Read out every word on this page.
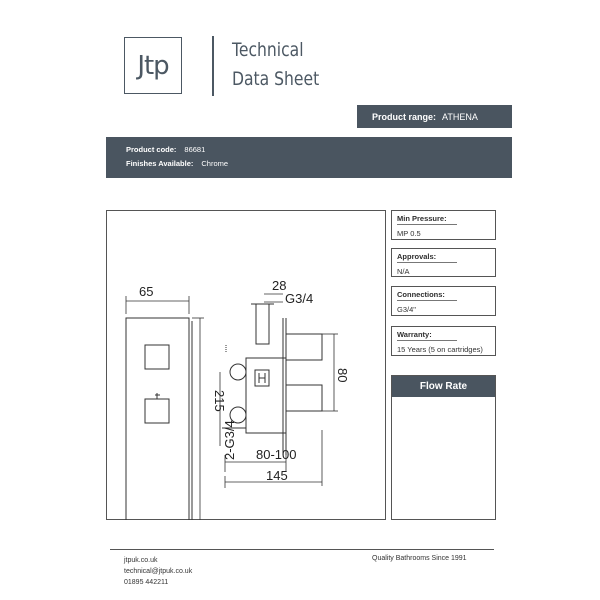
Jtp
Technical
Data Sheet
Product range: ATHENA
Product code: 86681
Finishes Available: Chrome
65
215
28
G3/4
80
80-100
145
2-G3/4
Min Pressure:
MP 0.5
Approvals:
N/A
Connections:
G3/4"
Warranty:
15 Years (5 on cartridges)
Flow Rate
jtpuk.co.uk
technical@jtpuk.co.uk
01895 442211
Quality Bathrooms Since 1991
